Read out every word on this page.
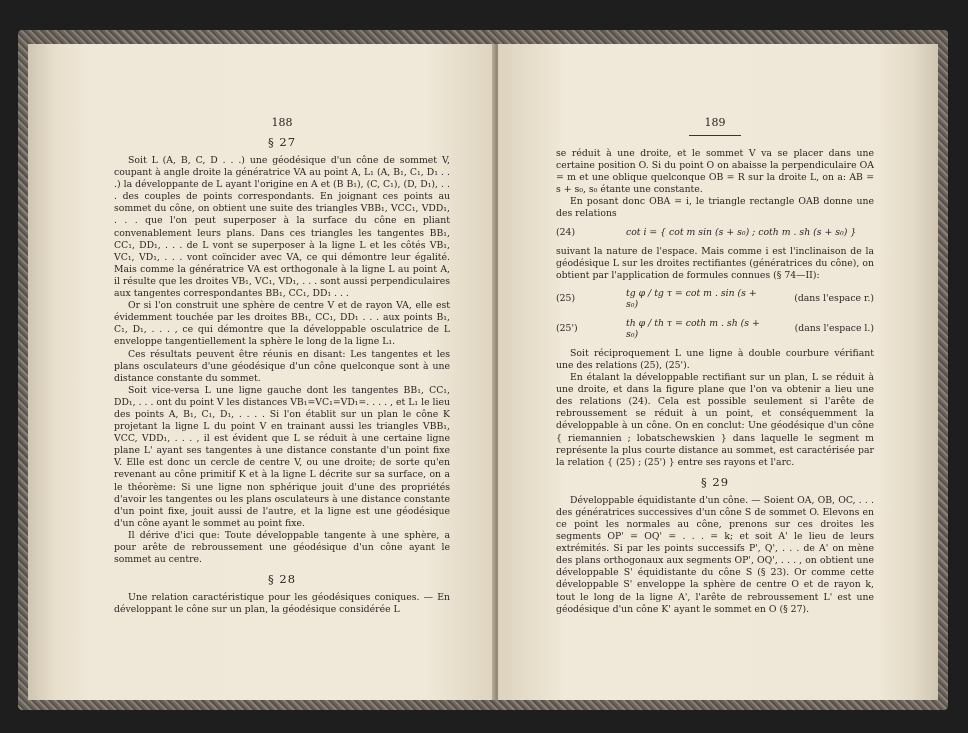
188
§ 27

Soit L (A, B, C, D . . .) une géodésique d'un cône de sommet V, coupant à angle droite la génératrice VA au point A, L₁ (A, B₁, C₁, D₁ . . .) la développante de L ayant l'origine en A et (B B₁), (C, C₁), (D, D₁), . . . des couples de points correspondants. En joignant ces points au sommet du cône, on obtient une suite des triangles VBB₁, VCC₁, VDD₁, . . . que l'on peut superposer à la surface du cône en pliant convenablement leurs plans. Dans ces triangles les tangentes BB₁, CC₁, DD₁, . . . de L vont se superposer à la ligne L et les côtés VB₁, VC₁, VD₁, . . . vont coïncider avec VA, ce qui démontre leur égalité. Mais comme la génératrice VA est orthogonale à la ligne L au point A, il résulte que les droites VB₁, VC₁, VD₁, . . . sont aussi perpendiculaires aux tangentes correspondantes BB₁, CC₁, DD₁ . . .

Or si l'on construit une sphère de centre V et de rayon VA, elle est évidemment touchée par les droites BB₁, CC₁, DD₁ . . . aux points B₁, C₁, D₁, . . . , ce qui démontre que la développable osculatrice de L enveloppe tangentiellement la sphère le long de la ligne L₁.

Ces résultats peuvent être réunis en disant: Les tangentes et les plans osculateurs d'une géodésique d'un cône quelconque sont à une distance constante du sommet.

Soit vice-versa L une ligne gauche dont les tangentes BB₁, CC₁, DD₁, . . . ont du point V les distances VB₁=VC₁=VD₁=. . . . , et L₁ le lieu des points A, B₁, C₁, D₁, . . . . Si l'on établit sur un plan le cône K projetant la ligne L du point V en trainant aussi les triangles VBB₁, VCC, VDD₁, . . . , il est évident que L se réduit à une certaine ligne plane L' ayant ses tangentes à une distance constante d'un point fixe V. Elle est donc un cercle de centre V, ou une droite; de sorte qu'en revenant au cône primitif K et à la ligne L décrite sur sa surface, on a le théorème: Si une ligne non sphérique jouit d'une des propriétés d'avoir les tangentes ou les plans osculateurs à une distance constante d'un point fixe, jouit aussi de l'autre, et la ligne est une géodésique d'un cône ayant le sommet au point fixe.

Il dérive d'ici que: Toute développable tangente à une sphère, a pour arête de rebroussement une géodésique d'un cône ayant le sommet au centre.

§ 28

Une relation caractéristique pour les géodésiques coniques. — En développant le cône sur un plan, la géodésique considérée L

189

se réduit à une droite, et le sommet V va se placer dans une certaine position O. Si du point O on abaisse la perpendiculaire OA = m et une oblique quelconque OB = R sur la droite L, on a: AB = s + s₀, s₀ étante une constante.

En posant donc OBA = i, le triangle rectangle OAB donne une des relations

(24)	cot i = { cot m sin (s + s₀) ; coth m . sh (s + s₀) }

suivant la nature de l'espace. Mais comme i est l'inclinaison de la géodésique L sur les droites rectifiantes (génératrices du cône), on obtient par l'application de formules connues (§ 74—II):

(25)	tg φ / tg τ = cot m . sin (s + s₀)	(dans l'espace r.)
(25')	th φ / th τ = coth m . sh (s + s₀)	(dans l'espace l.)

Soit réciproquement L une ligne à double courbure vérifiant une des relations (25), (25').

En étalant la développable rectifiant sur un plan, L se réduit à une droite, et dans la figure plane que l'on va obtenir a lieu une des relations (24). Cela est possible seulement si l'arête de rebroussement se réduit à un point, et conséquemment la développable à un cône. On en conclut: Une géodésique d'un cône { riemannien ; lobatschewskien } dans laquelle le segment m représente la plus courte distance au sommet, est caractérisée par la relation { (25) ; (25') } entre ses rayons et l'arc.

§ 29

Développable équidistante d'un cône. — Soient OA, OB, OC, . . . des génératrices successives d'un cône S de sommet O. Elevons en ce point les normales au cône, prenons sur ces droites les segments OP' = OQ' = . . . = k; et soit A' le lieu de leurs extrémités. Si par les points successifs P', Q', . . . de A' on mène des plans orthogonaux aux segments OP', OQ', . . . , on obtient une développable S' équidistante du cône S (§ 23). Or comme cette développable S' enveloppe la sphère de centre O et de rayon k, tout le long de la ligne A', l'arête de rebroussement L' est une géodésique d'un cône K' ayant le sommet en O (§ 27).
